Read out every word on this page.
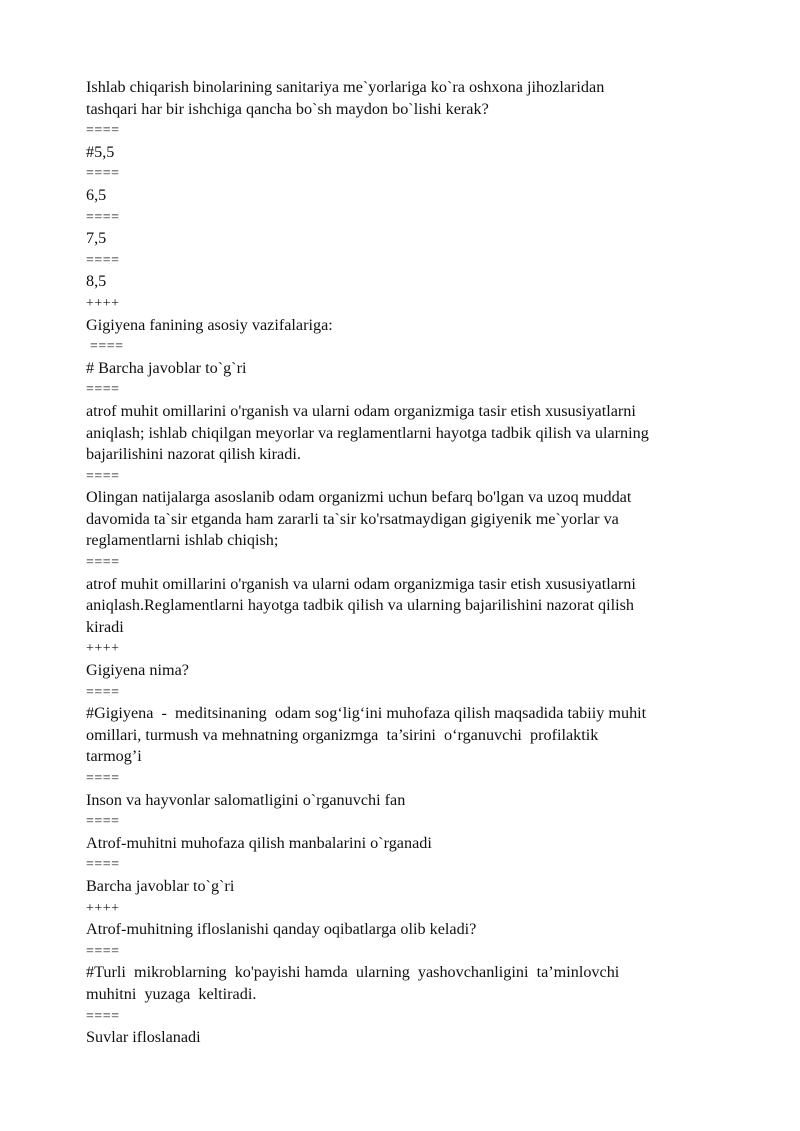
Ishlab chiqarish binolarining sanitariya me`yorlariga ko`ra oshxona jihozlaridan
tashqari har bir ishchiga qancha bo`sh maydon bo`lishi kerak?
====
#5,5
====
6,5
====
7,5
====
8,5
++++
Gigiyena fanining asosiy vazifalariga:
====
# Barcha javoblar to`g`ri
====
atrof muhit omillarini o'rganish va ularni odam organizmiga tasir etish xususiyatlarni
aniqlash; ishlab chiqilgan meyorlar va reglamentlarni hayotga tadbik qilish va ularning
bajarilishini nazorat qilish kiradi.
====
Olingan natijalarga asoslanib odam organizmi uchun befarq bo'lgan va uzoq muddat
davomida ta`sir etganda ham zararli ta`sir ko'rsatmaydigan gigiyenik me`yorlar va
reglamentlarni ishlab chiqish;
====
atrof muhit omillarini o'rganish va ularni odam organizmiga tasir etish xususiyatlarni
aniqlash.Reglamentlarni hayotga tadbik qilish va ularning bajarilishini nazorat qilish
kiradi
++++
Gigiyena nima?
====
#Gigiyena  -  meditsinaning  odam sog‘lig‘ini muhofaza qilish maqsadida tabiiy muhit
omillari, turmush va mehnatning organizmga  ta’sirini  o‘rganuvchi  profilaktik
tarmog’i
====
Inson va hayvonlar salomatligini o`rganuvchi fan
====
Atrof-muhitni muhofaza qilish manbalarini o`rganadi
====
Barcha javoblar to`g`ri
++++
Atrof-muhitning ifloslanishi qanday oqibatlarga olib keladi?
====
#Turli  mikroblarning  ko'payishi hamda  ularning  yashovchanligini  ta’minlovchi
muhitni  yuzaga  keltiradi.
====
Suvlar ifloslanadi
